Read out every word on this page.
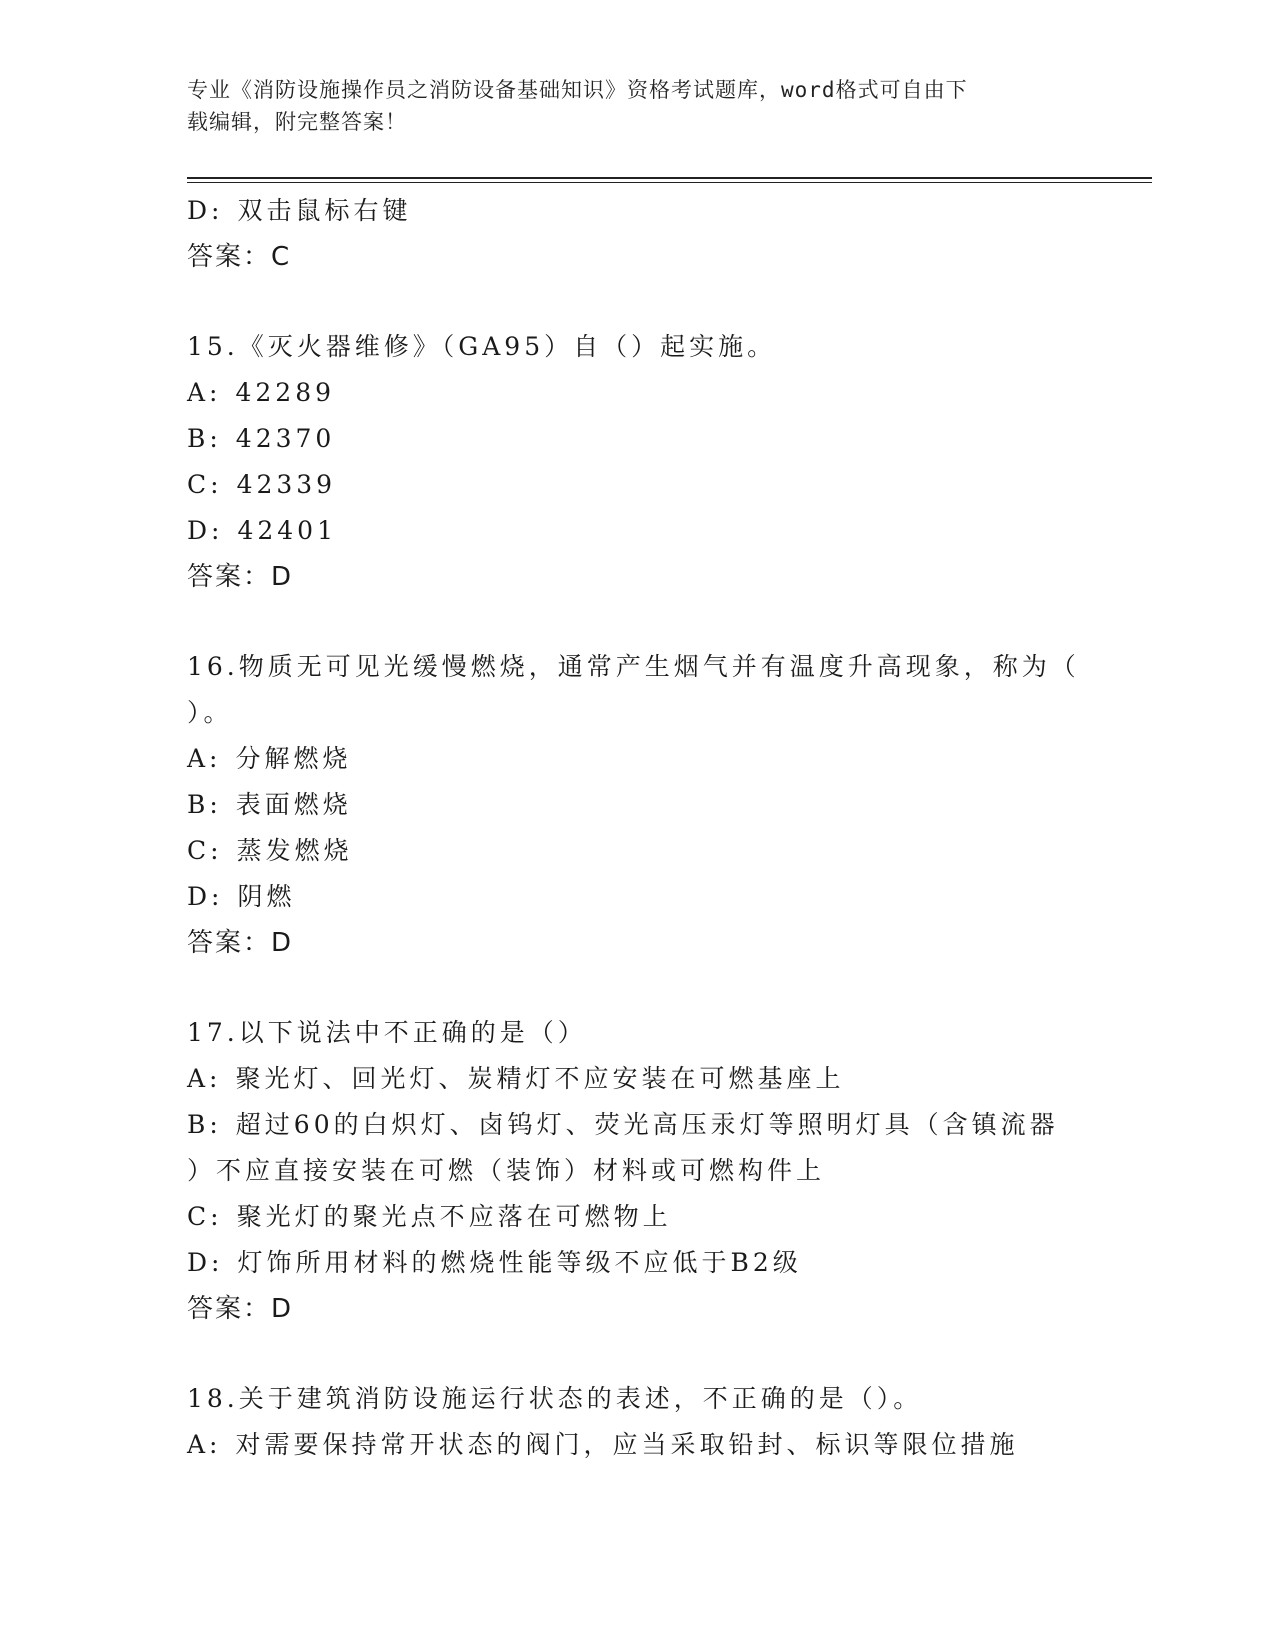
专业《消防设施操作员之消防设备基础知识》资格考试题库，word格式可自由下
载编辑，附完整答案！
D: 双击鼠标右键
答案：C
15.《灭火器维修》（GA95）自（）起实施。
A: 42289
B: 42370
C: 42339
D: 42401
答案：D
16.物质无可见光缓慢燃烧，通常产生烟气并有温度升高现象，称为（
）。
A: 分解燃烧
B: 表面燃烧
C: 蒸发燃烧
D: 阴燃
答案：D
17.以下说法中不正确的是（）
A: 聚光灯、回光灯、炭精灯不应安装在可燃基座上
B: 超过60的白炽灯、卤钨灯、荧光高压汞灯等照明灯具（含镇流器
）不应直接安装在可燃（装饰）材料或可燃构件上
C: 聚光灯的聚光点不应落在可燃物上
D: 灯饰所用材料的燃烧性能等级不应低于B2级
答案：D
18.关于建筑消防设施运行状态的表述，不正确的是（）。
A: 对需要保持常开状态的阀门，应当采取铅封、标识等限位措施
